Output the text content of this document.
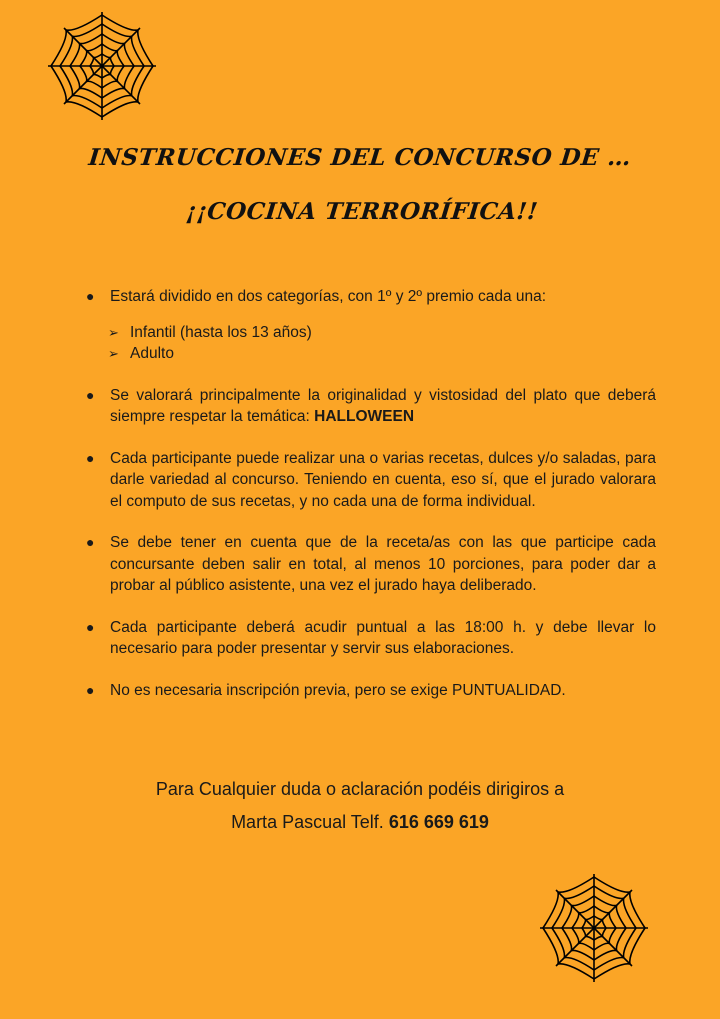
INSTRUCCIONES DEL CONCURSO DE …
¡¡COCINA TERRORÍFICA!!
●	Estará dividido en dos categorías, con 1º y 2º premio cada una:
➢ Infantil (hasta los 13 años)
➢ Adulto
●	Se valorará principalmente la originalidad y vistosidad del plato que deberá siempre respetar la temática: HALLOWEEN
●	Cada participante puede realizar una o varias recetas, dulces y/o saladas, para darle variedad al concurso. Teniendo en cuenta, eso sí, que el jurado valorara el computo de sus recetas, y no cada una de forma individual.
●	Se debe tener en cuenta que de la receta/as con las que participe cada concursante deben salir en total, al menos 10 porciones, para poder dar a probar al público asistente, una vez el jurado haya deliberado.
●	Cada participante deberá acudir puntual a las 18:00 h. y debe llevar lo necesario para poder presentar y servir sus elaboraciones.
●	No es necesaria inscripción previa, pero se exige PUNTUALIDAD.
Para Cualquier duda o aclaración podéis dirigiros a
Marta Pascual Telf. 616 669 619
